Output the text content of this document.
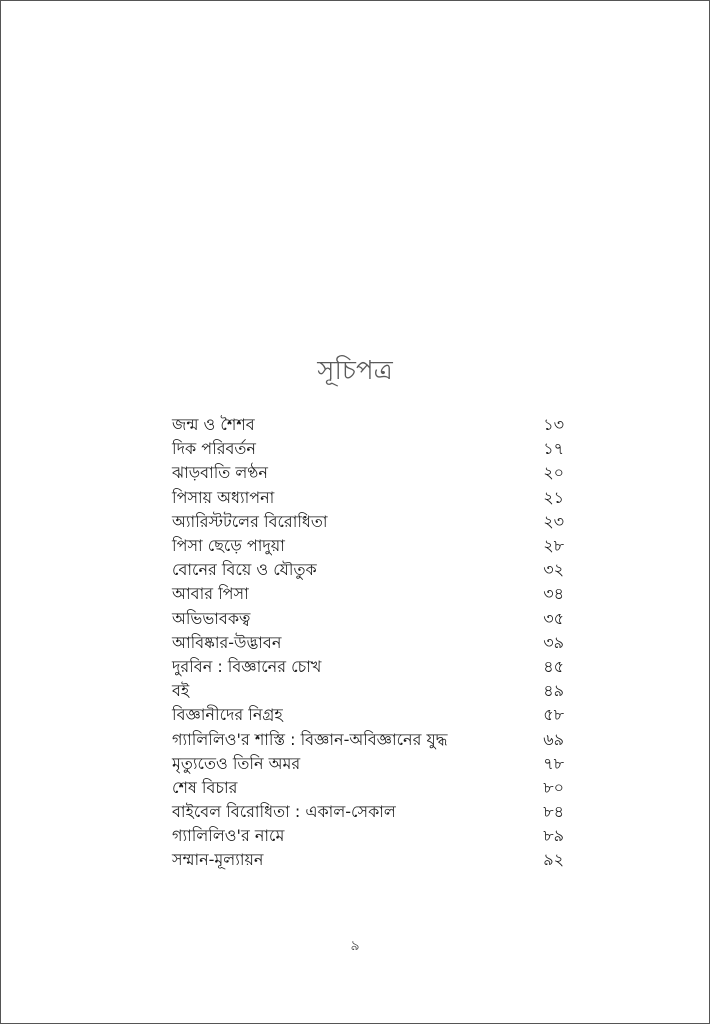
সূচিপত্র
জন্ম ও শৈশব	১৩
দিক পরিবর্তন	১৭
ঝাড়বাতি লণ্ঠন	২০
পিসায় অধ্যাপনা	২১
অ্যারিস্টটলের বিরোধিতা	২৩
পিসা ছেড়ে পাদুয়া	২৮
বোনের বিয়ে ও যৌতুক	৩২
আবার পিসা	৩৪
অভিভাবকত্ব	৩৫
আবিষ্কার-উদ্ভাবন	৩৯
দুরবিন : বিজ্ঞানের চোখ	৪৫
বই	৪৯
বিজ্ঞানীদের নিগ্রহ	৫৮
গ্যালিলিও'র শাস্তি : বিজ্ঞান-অবিজ্ঞানের যুদ্ধ	৬৯
মৃত্যুতেও তিনি অমর	৭৮
শেষ বিচার	৮০
বাইবেল বিরোধিতা : একাল-সেকাল	৮৪
গ্যালিলিও'র নামে	৮৯
সম্মান-মূল্যায়ন	৯২
৯
